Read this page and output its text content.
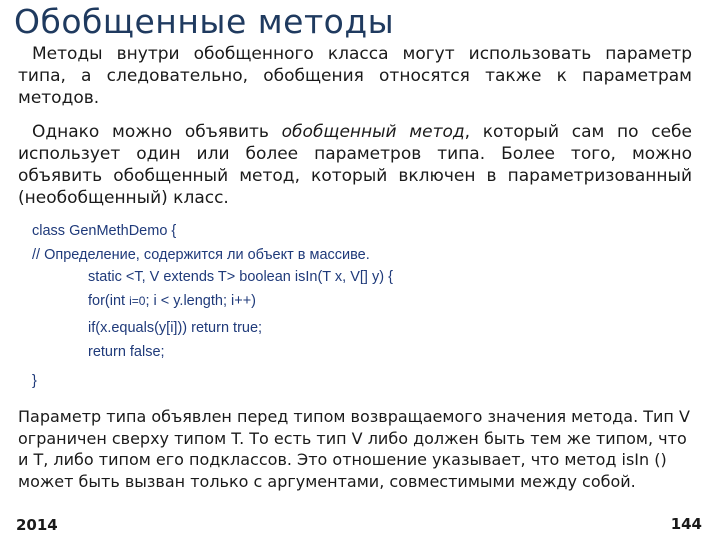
Обобщенные методы
Методы внутри обобщенного класса могут использовать параметр типа, а следовательно, обобщения относятся также к параметрам методов.
Однако можно объявить обобщенный метод, который сам по себе использует один или более параметров типа. Более того, можно объявить обобщенный метод, который включен в параметризованный (необобщенный) класс.
class GenMethDemo {
// Определение, содержится ли объект в массиве.
static <T, V extends T> boolean isIn(T x, V[] y) {
for(int i=0; i < y.length; i++)
if(x.equals(y[i])) return true;
return false;
}
Параметр типа объявлен перед типом возвращаемого значения метода. Тип V ограничен сверху типом T. То есть тип V либо должен быть тем же типом, что и T, либо типом его подклассов. Это отношение указывает, что метод isIn () может быть вызван только с аргументами, совместимыми между собой.
2014	144
